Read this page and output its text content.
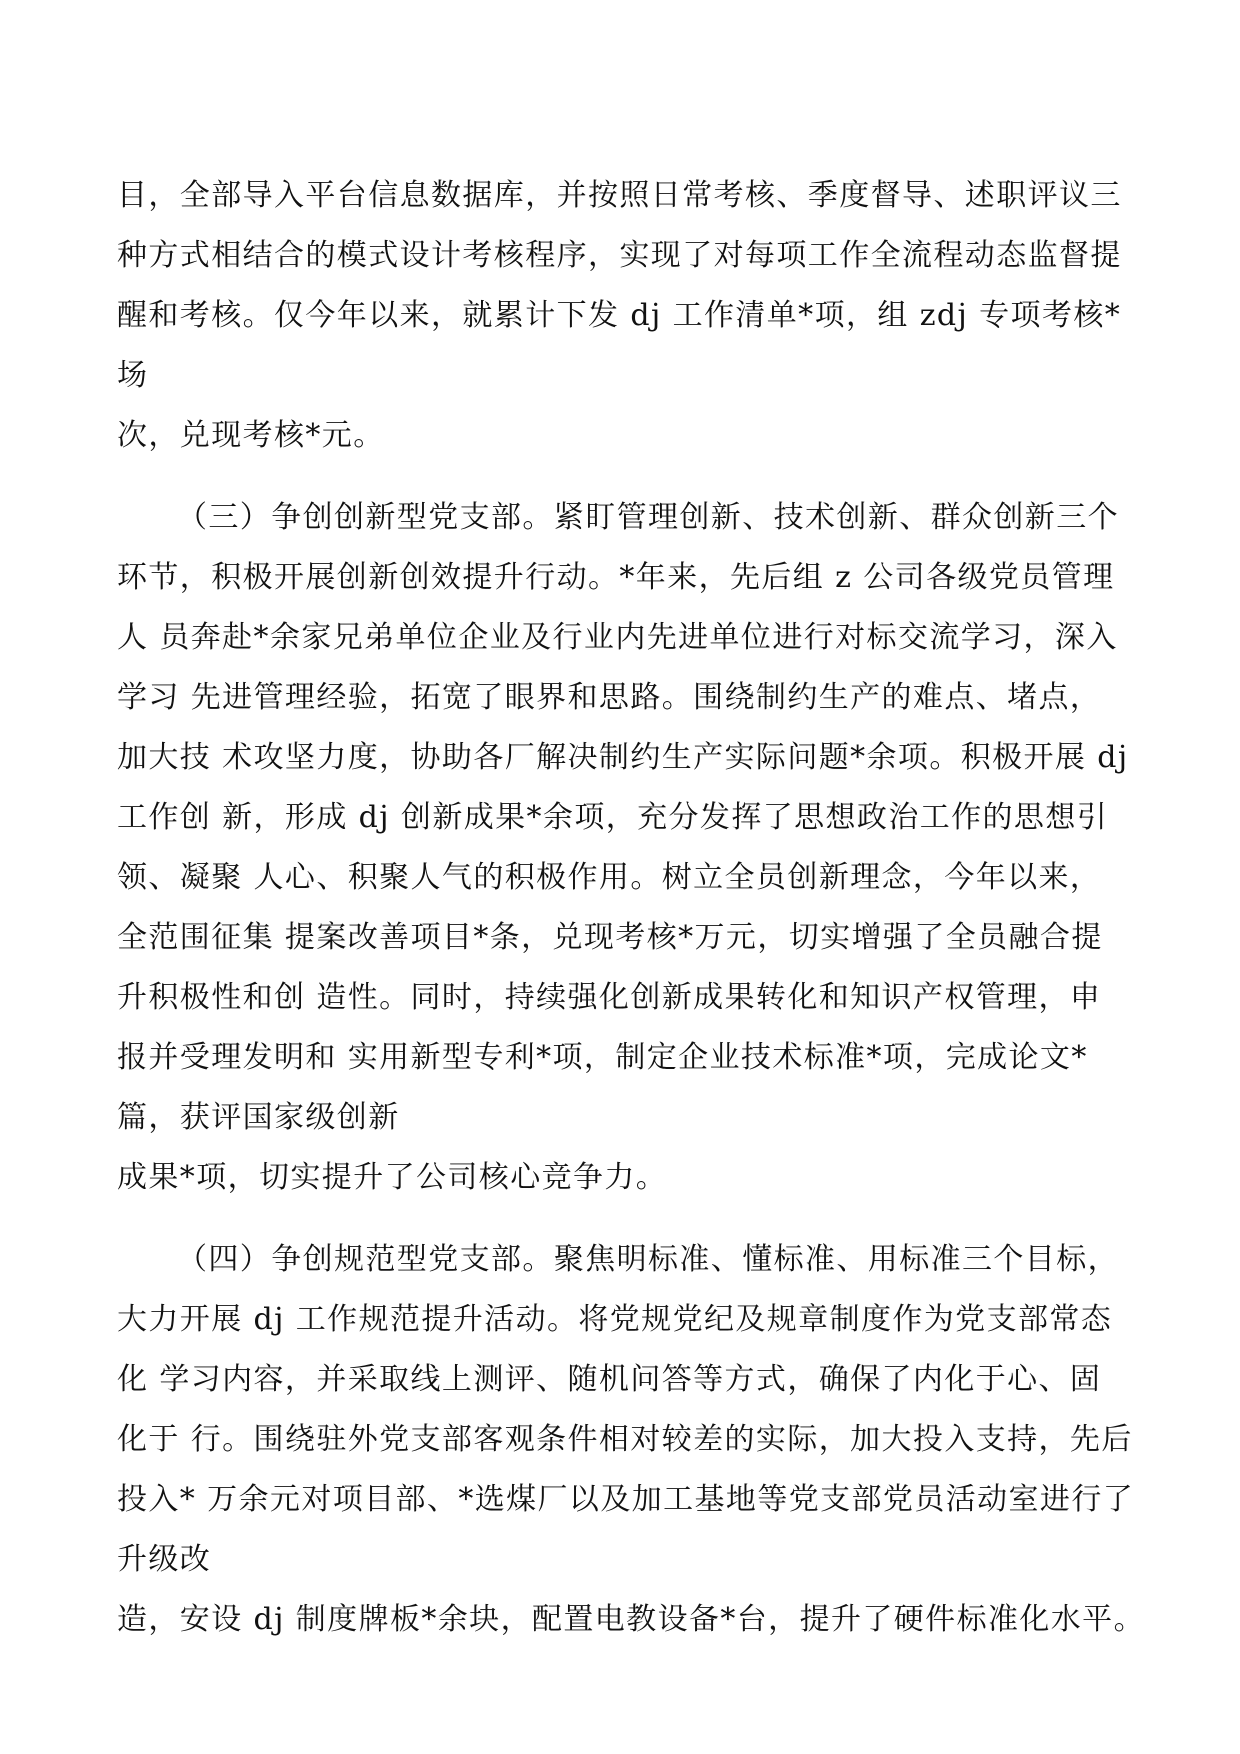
目，全部导入平台信息数据库，并按照日常考核、季度督导、述职评议三
种方式相结合的模式设计考核程序，实现了对每项工作全流程动态监督提
醒和考核。仅今年以来，就累计下发 dj 工作清单*项，组 zdj 专项考核*
场
次，兑现考核*元。
（三）争创创新型党支部。紧盯管理创新、技术创新、群众创新三个
环节，积极开展创新创效提升行动。*年来，先后组 z 公司各级党员管理
人 员奔赴*余家兄弟单位企业及行业内先进单位进行对标交流学习，深入
学习 先进管理经验，拓宽了眼界和思路。围绕制约生产的难点、堵点，
加大技 术攻坚力度，协助各厂解决制约生产实际问题*余项。积极开展 dj
工作创 新，形成 dj 创新成果*余项，充分发挥了思想政治工作的思想引
领、凝聚 人心、积聚人气的积极作用。树立全员创新理念，今年以来，
全范围征集 提案改善项目*条，兑现考核*万元，切实增强了全员融合提
升积极性和创 造性。同时，持续强化创新成果转化和知识产权管理，申
报并受理发明和 实用新型专利*项，制定企业技术标准*项，完成论文*
篇，获评国家级创新
成果*项，切实提升了公司核心竞争力。
（四）争创规范型党支部。聚焦明标准、懂标准、用标准三个目标，
大力开展 dj 工作规范提升活动。将党规党纪及规章制度作为党支部常态
化 学习内容，并采取线上测评、随机问答等方式，确保了内化于心、固
化于 行。围绕驻外党支部客观条件相对较差的实际，加大投入支持，先后
投入* 万余元对项目部、*选煤厂以及加工基地等党支部党员活动室进行了
升级改
造，安设 dj 制度牌板*余块，配置电教设备*台，提升了硬件标准化水平。
